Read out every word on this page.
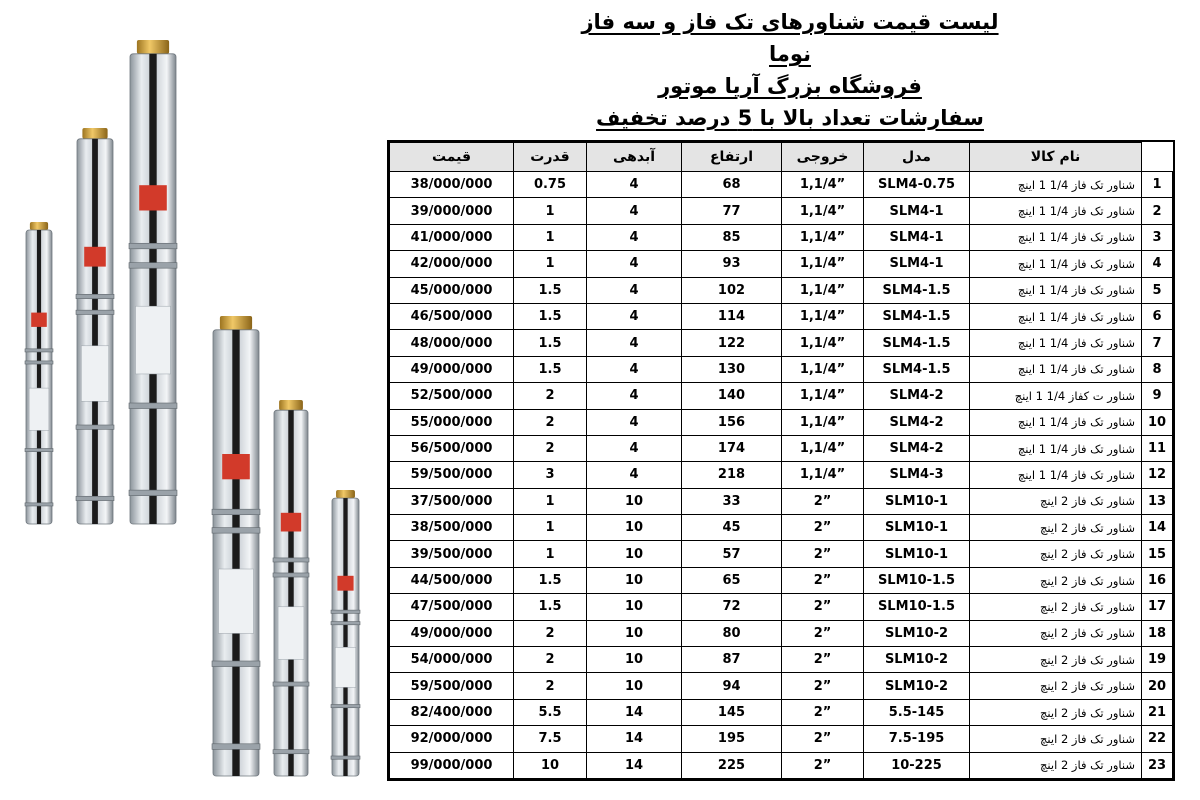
لیست قیمت شناورهای تک فاز و سه فاز نوما
فروشگاه بزرگ آریا موتور
سفارشات تعداد بالا با 5 درصد تخفیف
قیمت	قدرت	آبدهی	ارتفاع	خروجی	مدل	نام کالا	
38/000/000	0.75	4	68	1,1/4”	SLM4-0.75	شناور تک فاز 1/4 1 اینچ	1
39/000/000	1	4	77	1,1/4”	SLM4-1	شناور تک فاز 1/4 1 اینچ	2
41/000/000	1	4	85	1,1/4”	SLM4-1	شناور تک فاز 1/4 1 اینچ	3
42/000/000	1	4	93	1,1/4”	SLM4-1	شناور تک فاز 1/4 1 اینچ	4
45/000/000	1.5	4	102	1,1/4”	SLM4-1.5	شناور تک فاز 1/4 1 اینچ	5
46/500/000	1.5	4	114	1,1/4”	SLM4-1.5	شناور تک فاز 1/4 1 اینچ	6
48/000/000	1.5	4	122	1,1/4”	SLM4-1.5	شناور تک فاز 1/4 1 اینچ	7
49/000/000	1.5	4	130	1,1/4”	SLM4-1.5	شناور تک فاز 1/4 1 اینچ	8
52/500/000	2	4	140	1,1/4”	SLM4-2	شناور ت کفاز 1/4 1 اینچ	9
55/000/000	2	4	156	1,1/4”	SLM4-2	شناور تک فاز 1/4 1 اینچ	10
56/500/000	2	4	174	1,1/4”	SLM4-2	شناور تک فاز 1/4 1 اینچ	11
59/500/000	3	4	218	1,1/4”	SLM4-3	شناور تک فاز 1/4 1 اینچ	12
37/500/000	1	10	33	2”	SLM10-1	شناور تک فاز 2 اینچ	13
38/500/000	1	10	45	2”	SLM10-1	شناور تک فاز 2 اینچ	14
39/500/000	1	10	57	2”	SLM10-1	شناور تک فاز 2 اینچ	15
44/500/000	1.5	10	65	2”	SLM10-1.5	شناور تک فاز 2 اینچ	16
47/500/000	1.5	10	72	2”	SLM10-1.5	شناور تک فاز 2 اینچ	17
49/000/000	2	10	80	2”	SLM10-2	شناور تک فاز 2 اینچ	18
54/000/000	2	10	87	2”	SLM10-2	شناور تک فاز 2 اینچ	19
59/500/000	2	10	94	2”	SLM10-2	شناور تک فاز 2 اینچ	20
82/400/000	5.5	14	145	2”	5.5-145	شناور تک فاز 2 اینچ	21
92/000/000	7.5	14	195	2”	7.5-195	شناور تک فاز 2 اینچ	22
99/000/000	10	14	225	2”	10-225	شناور تک فاز 2 اینچ	23
